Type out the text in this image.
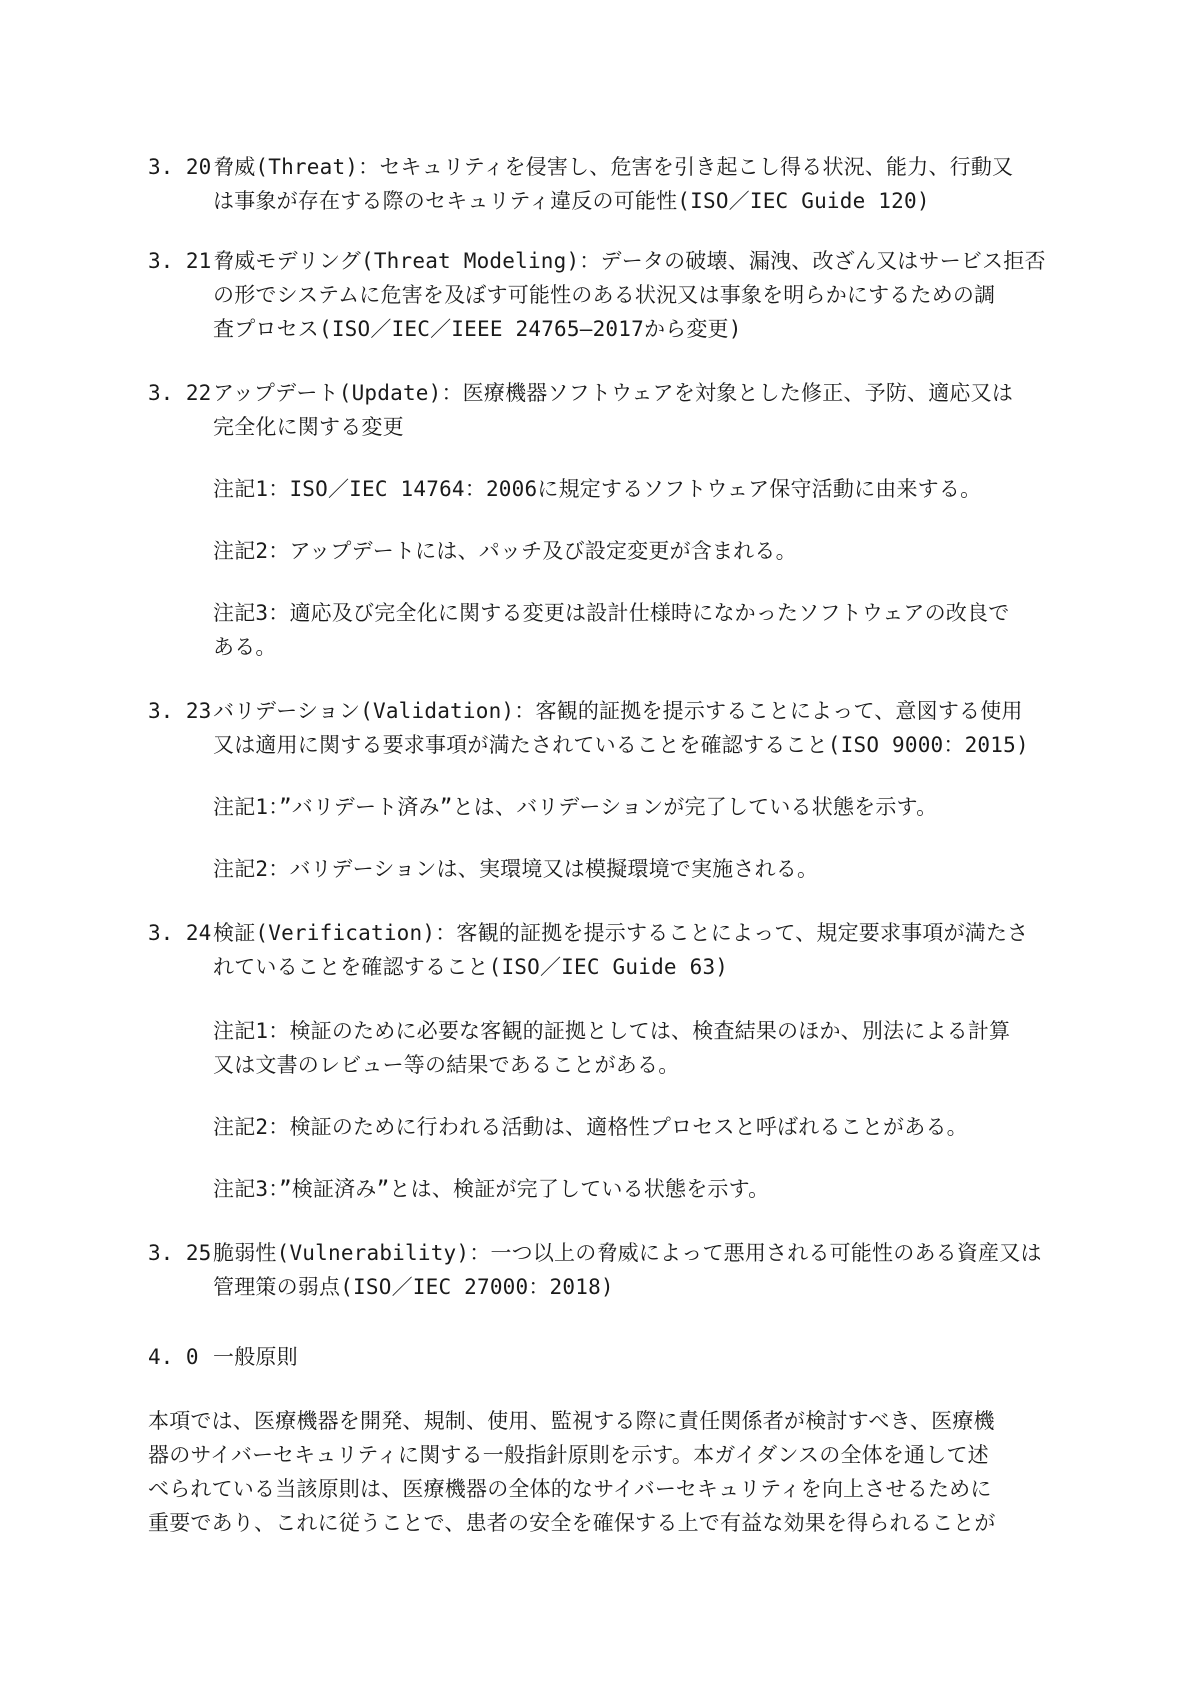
3. 20 脅威(Threat)：セキュリティを侵害し、危害を引き起こし得る状況、能力、行動又
は事象が存在する際のセキュリティ違反の可能性(ISO／IEC Guide 120)
3. 21 脅威モデリング(Threat Modeling)：データの破壊、漏洩、改ざん又はサービス拒否
の形でシステムに危害を及ぼす可能性のある状況又は事象を明らかにするための調
査プロセス(ISO／IEC／IEEE 24765―2017から変更)
3. 22 アップデート(Update)：医療機器ソフトウェアを対象とした修正、予防、適応又は
完全化に関する変更
注記1：ISO／IEC 14764：2006に規定するソフトウェア保守活動に由来する。
注記2：アップデートには、パッチ及び設定変更が含まれる。
注記3：適応及び完全化に関する変更は設計仕様時になかったソフトウェアの改良で
ある。
3. 23 バリデーション(Validation)：客観的証拠を提示することによって、意図する使用
又は適用に関する要求事項が満たされていることを確認すること(ISO 9000：2015)
注記1：”バリデート済み”とは、バリデーションが完了している状態を示す。
注記2：バリデーションは、実環境又は模擬環境で実施される。
3. 24 検証(Verification)：客観的証拠を提示することによって、規定要求事項が満たさ
れていることを確認すること(ISO／IEC Guide 63)
注記1：検証のために必要な客観的証拠としては、検査結果のほか、別法による計算
又は文書のレビュー等の結果であることがある。
注記2：検証のために行われる活動は、適格性プロセスと呼ばれることがある。
注記3：”検証済み”とは、検証が完了している状態を示す。
3. 25 脆弱性(Vulnerability)：一つ以上の脅威によって悪用される可能性のある資産又は
管理策の弱点(ISO／IEC 27000：2018)
4. 0 一般原則
本項では、医療機器を開発、規制、使用、監視する際に責任関係者が検討すべき、医療機
器のサイバーセキュリティに関する一般指針原則を示す。本ガイダンスの全体を通して述
べられている当該原則は、医療機器の全体的なサイバーセキュリティを向上させるために
重要であり、これに従うことで、患者の安全を確保する上で有益な効果を得られることが
